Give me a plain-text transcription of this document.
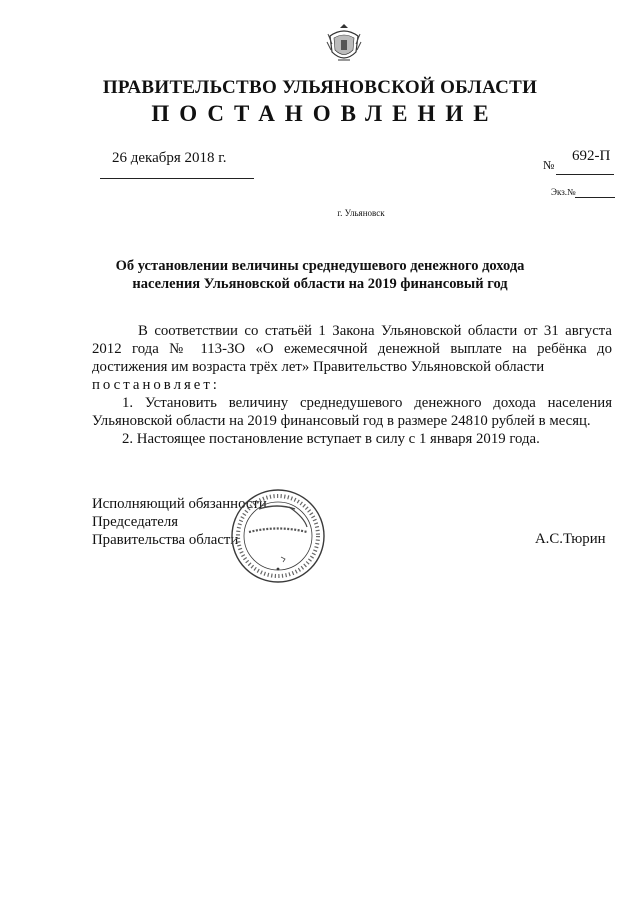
ПРАВИТЕЛЬСТВО УЛЬЯНОВСКОЙ ОБЛАСТИ
ПОСТАНОВЛЕНИЕ
26 декабря 2018 г.	№
692-П
Экз.№
г. Ульяновск
Об установлении величины среднедушевого денежного дохода
населения Ульяновской области на 2019 финансовый год

В соответствии со статьёй 1 Закона Ульяновской области от 31 августа 2012 года № 113-ЗО «О ежемесячной денежной выплате на ребёнка до достижения им возраста трёх лет» Правительство Ульяновской области

постановляет:

1. Установить величину среднедушевого денежного дохода населения Ульяновской области на 2019 финансовый год в размере 24810 рублей в месяц.

2. Настоящее постановление вступает в силу с 1 января 2019 года.

Исполняющий обязанности
Председателя
Правительства области	А.С.Тюрин
